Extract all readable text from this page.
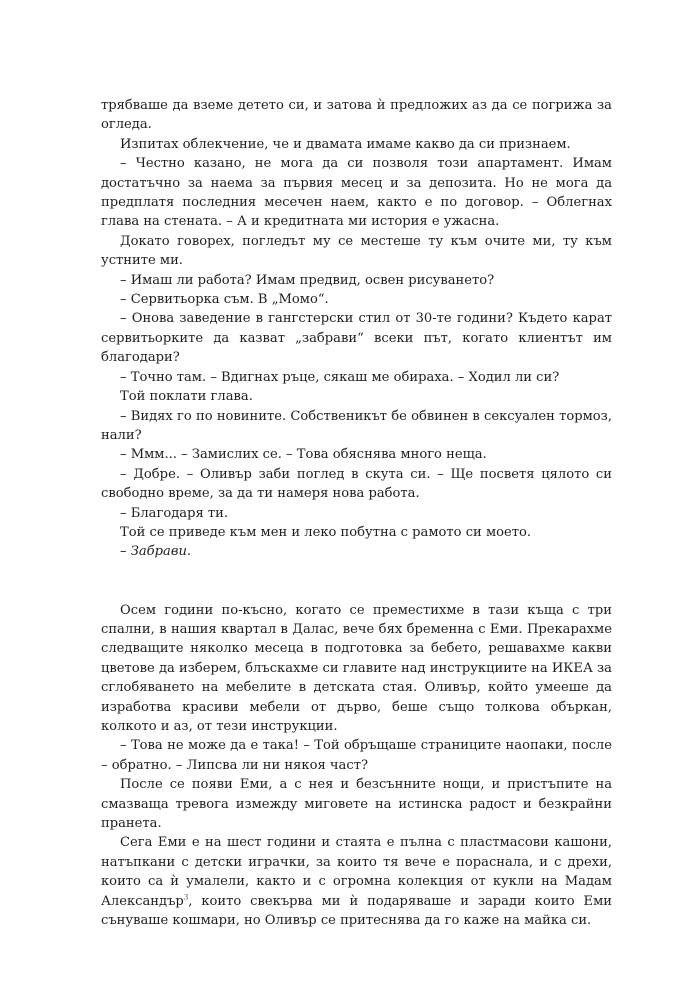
трябваше да вземе детето си, и затова ѝ предложих аз да се погрижа за огледа.

Изпитах облекчение, че и двамата имаме какво да си признаем.

– Честно казано, не мога да си позволя този апартамент. Имам достатъчно за наема за първия месец и за депозита. Но не мога да предплатя последния месечен наем, както е по договор. – Облегнах глава на стената. – А и кредитната ми история е ужасна.

Докато говорех, погледът му се местеше ту към очите ми, ту към устните ми.

– Имаш ли работа? Имам предвид, освен рисуването?

– Сервитьорка съм. В „Момо“.

– Онова заведение в гангстерски стил от 30-те години? Където карат сервитьорките да казват „забрави“ всеки път, когато клиентът им благодари?

– Точно там. – Вдигнах ръце, сякаш ме обираха. – Ходил ли си?

Той поклати глава.

– Видях го по новините. Собственикът бе обвинен в сексуален тормоз, нали?

– Ммм... – Замислих се. – Това обяснява много неща.

– Добре. – Оливър заби поглед в скута си. – Ще посветя цялото си свободно време, за да ти намеря нова работа.

– Благодаря ти.

Той се приведе към мен и леко побутна с рамото си моето.

– Забрави.

Осем години по-късно, когато се преместихме в тази къща с три спални, в нашия квартал в Далас, вече бях бременна с Еми. Прекарахме следващите няколко месеца в подготовка за бебето, решавахме какви цветове да изберем, блъскахме си главите над инструкциите на ИКЕА за сглобяването на мебелите в детската стая. Оливър, който умееше да изработва красиви мебели от дърво, беше също толкова объркан, колкото и аз, от тези инструкции.

– Това не може да е така! – Той обръщаше страниците наопаки, после – обратно. – Липсва ли ни някоя част?

После се появи Еми, а с нея и безсънните нощи, и пристъпите на смазваща тревога измежду миговете на истинска радост и безкрайни пранета.

Сега Еми е на шест години и стаята е пълна с пластмасови кашони, натъпкани с детски играчки, за които тя вече е пораснала, и с дрехи, които са ѝ умалели, както и с огромна колекция от кукли на Мадам Александър$^3$, които свекърва ми ѝ подаряваше и заради които Еми сънуваше кошмари, но Оливър се притеснява да го каже на майка си.
